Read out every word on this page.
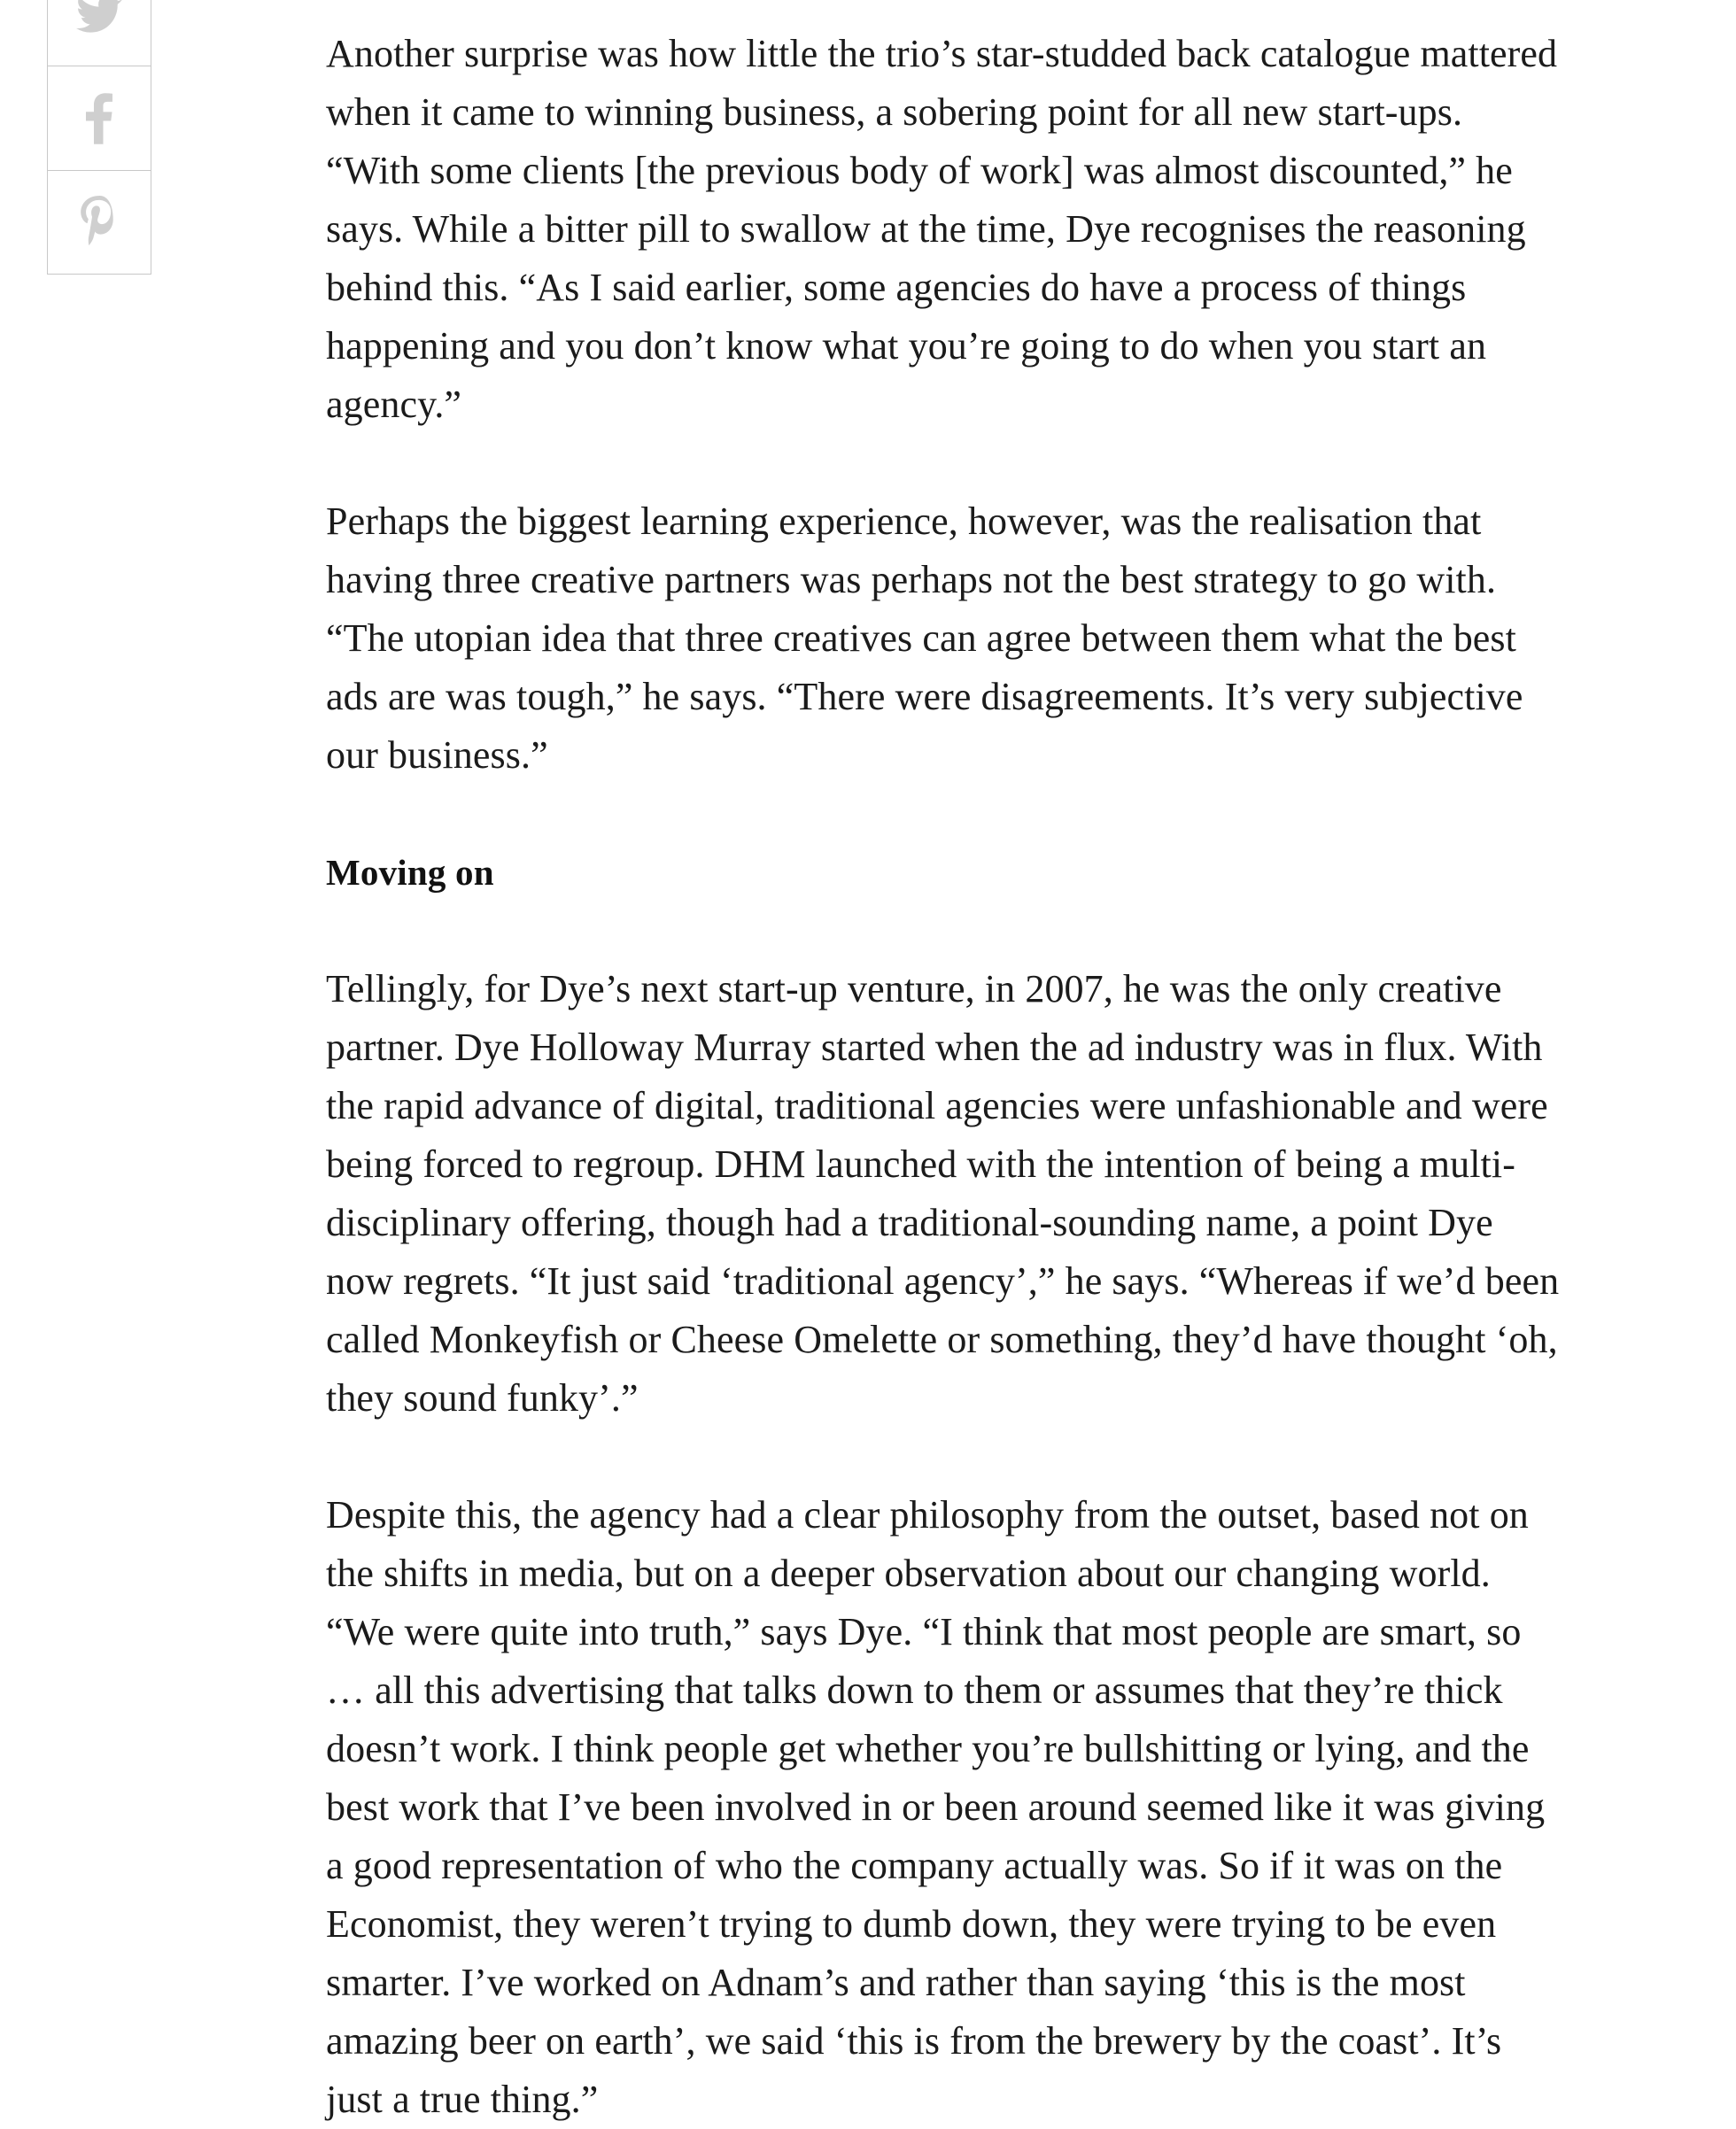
Another surprise was how little the trio’s star-studded back catalogue mattered when it came to winning business, a sobering point for all new start-ups. “With some clients [the previous body of work] was almost discounted,” he says. While a bitter pill to swallow at the time, Dye recognises the reasoning behind this. “As I said earlier, some agencies do have a process of things happening and you don’t know what you’re going to do when you start an agency.”

Perhaps the biggest learning experience, however, was the realisation that having three creative partners was perhaps not the best strategy to go with. “The utopian idea that three creatives can agree between them what the best ads are was tough,” he says. “There were disagreements. It’s very subjective our business.”

Moving on

Tellingly, for Dye’s next start-up venture, in 2007, he was the only creative partner. Dye Holloway Murray started when the ad industry was in flux. With the rapid advance of digital, traditional agencies were unfashionable and were being forced to regroup. DHM launched with the intention of being a multi-disciplinary offering, though had a traditional-sounding name, a point Dye now regrets. “It just said ‘traditional agency’,” he says. “Whereas if we’d been called Monkeyfish or Cheese Omelette or something, they’d have thought ‘oh, they sound funky’.”

Despite this, the agency had a clear philosophy from the outset, based not on the shifts in media, but on a deeper observation about our changing world. “We were quite into truth,” says Dye. “I think that most people are smart, so … all this advertising that talks down to them or assumes that they’re thick doesn’t work. I think people get whether you’re bullshitting or lying, and the best work that I’ve been involved in or been around seemed like it was giving a good representation of who the company actually was. So if it was on the Economist, they weren’t trying to dumb down, they were trying to be even smarter. I’ve worked on Adnam’s and rather than saying ‘this is the most amazing beer on earth’, we said ‘this is from the brewery by the coast’. It’s just a true thing.”
